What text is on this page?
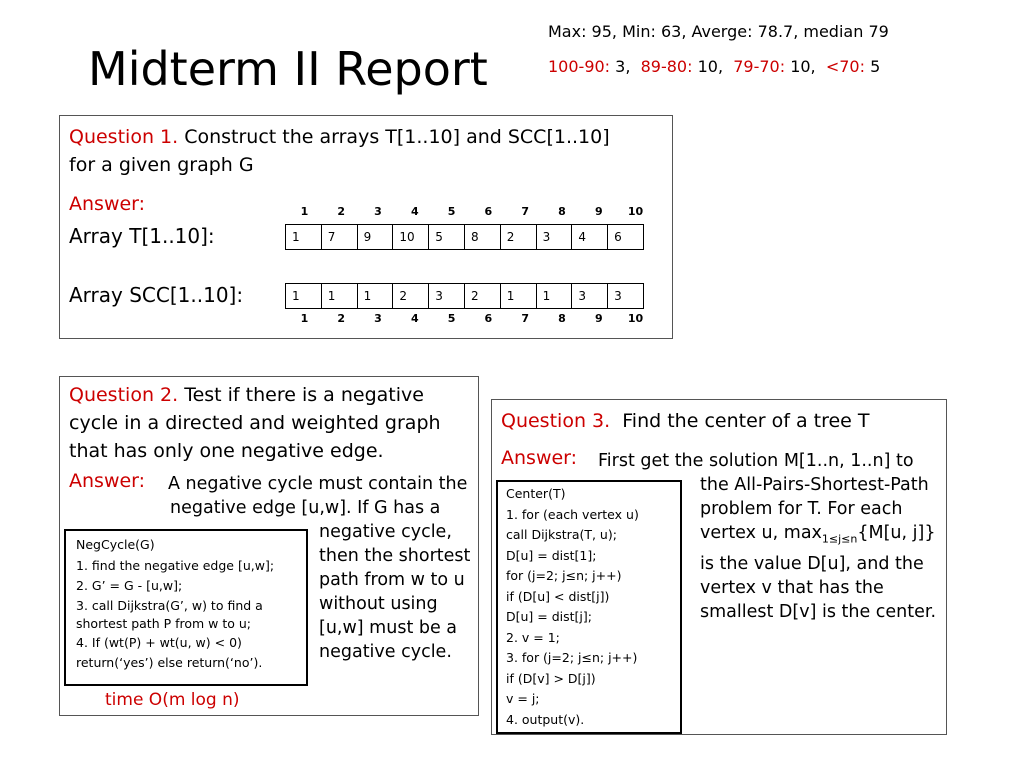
Midterm II Report
Max: 95, Min: 63, Averge: 78.7, median 79
100-90: 3, 89-80: 10, 79-70: 10, <70: 5
Question 1. Construct the arrays T[1..10] and SCC[1..10]
for a given graph G
Answer:
Array T[1..10]:
Array SCC[1..10]:
1	2	3	4	5	6	7	8	9	10
1	7	9	10	5	8	2	3	4	6
1	1	1	2	3	2	1	1	3	3
1	2	3	4	5	6	7	8	9	10
Question 2. Test if there is a negative
cycle in a directed and weighted graph
that has only one negative edge.
Answer: A negative cycle must contain the
negative edge [u,w]. If G has a
negative cycle,
then the shortest
path from w to u
without using
[u,w] must be a
negative cycle.
NegCycle(G)
1. find the negative edge [u,w];
2. G’ = G - [u,w];
3. call Dijkstra(G’, w) to find a
shortest path P from w to u;
4. If (wt(P) + wt(u, w) < 0)
return(‘yes’) else return(‘no’).
time O(m log n)
Question 3. Find the center of a tree T
Answer: First get the solution M[1..n, 1..n] to
the All-Pairs-Shortest-Path
problem for T. For each
vertex u, $\max_{1\le j\le n}\{M[u$, j]}
is the value D[u], and the
vertex v that has the
smallest D[v] is the center.
Center(T)
1. for (each vertex u)
call Dijkstra(T, u);
D[u] = dist[1];
for (j=2; j≤n; j++)
if (D[u] < dist[j])
D[u] = dist[j];
2. v = 1;
3. for (j=2; j≤n; j++)
if (D[v] > D[j])
v = j;
4. output(v).
